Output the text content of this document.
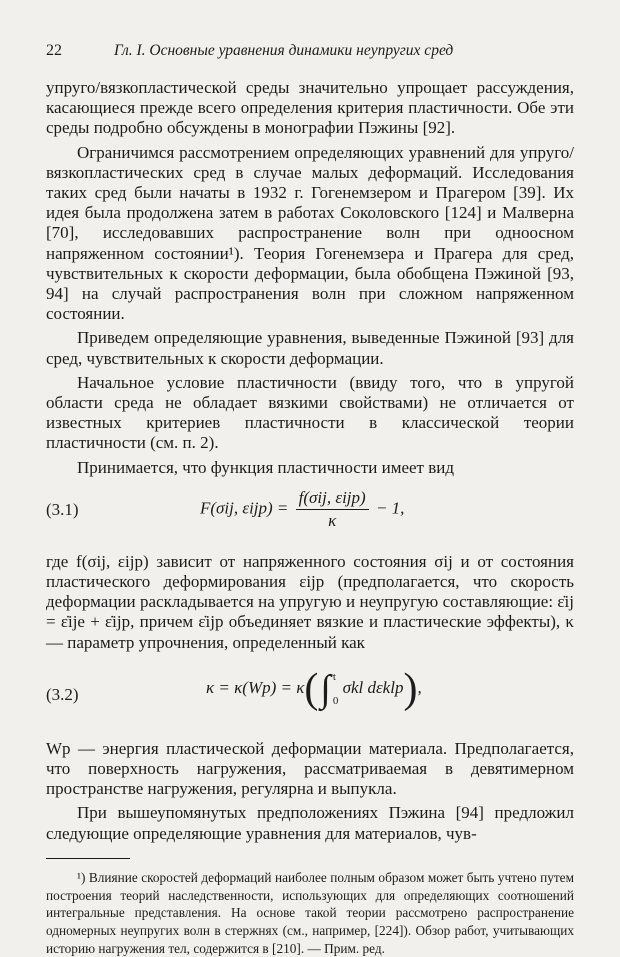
22	Гл. I. Основные уравнения динамики неупругих сред

упруго/вязкопластической среды значительно упрощает рассуждения, касающиеся прежде всего определения критерия пластичности. Обе эти среды подробно обсуждены в монографии Пэжины [92].

Ограничимся рассмотрением определяющих уравнений для упруго/вязкопластических сред в случае малых деформаций. Исследования таких сред были начаты в 1932 г. Гогенемзером и Прагером [39]. Их идея была продолжена затем в работах Соколовского [124] и Малверна [70], исследовавших распространение волн при одноосном напряженном состоянии¹). Теория Гогенемзера и Прагера для сред, чувствительных к скорости деформации, была обобщена Пэжиной [93, 94] на случай распространения волн при сложном напряженном состоянии.

Приведем определяющие уравнения, выведенные Пэжиной [93] для сред, чувствительных к скорости деформации.

Начальное условие пластичности (ввиду того, что в упругой области среда не обладает вязкими свойствами) не отличается от известных критериев пластичности в классической теории пластичности (см. п. 2).

Принимается, что функция пластичности имеет вид

(3.1)	F(σij, $\varepsilon ijp) = \frac{\text{f(σij, εijp)}}{\kappa} - 1$,

где f(σij, εijp) зависит от напряженного состояния σij и от состояния пластического деформирования εijp (предполагается, что скорость деформации раскладывается на упругую и неупругую составляющие: ε̇ij = ε̇ije + ε̇ijp, причем ε̇ijp объединяет вязкие и пластические эффекты), κ — параметр упрочнения, определенный как

(3.2)	κ = κ(Wp) = κ(∫ t
0 σkl dεklp),

Wp — энергия пластической деформации материала. Предполагается, что поверхность нагружения, рассматриваемая в девятимерном пространстве нагружения, регулярна и выпукла.

При вышеупомянутых предположениях Пэжина [94] предложил следующие определяющие уравнения для материалов, чув-

¹) Влияние скоростей деформаций наиболее полным образом может быть учтено путем построения теорий наследственности, использующих для определяющих соотношений интегральные представления. На основе такой теории рассмотрено распространение одномерных неупругих волн в стержнях (см., например, [224]). Обзор работ, учитывающих историю нагружения тел, содержится в [210]. — Прим. ред.
